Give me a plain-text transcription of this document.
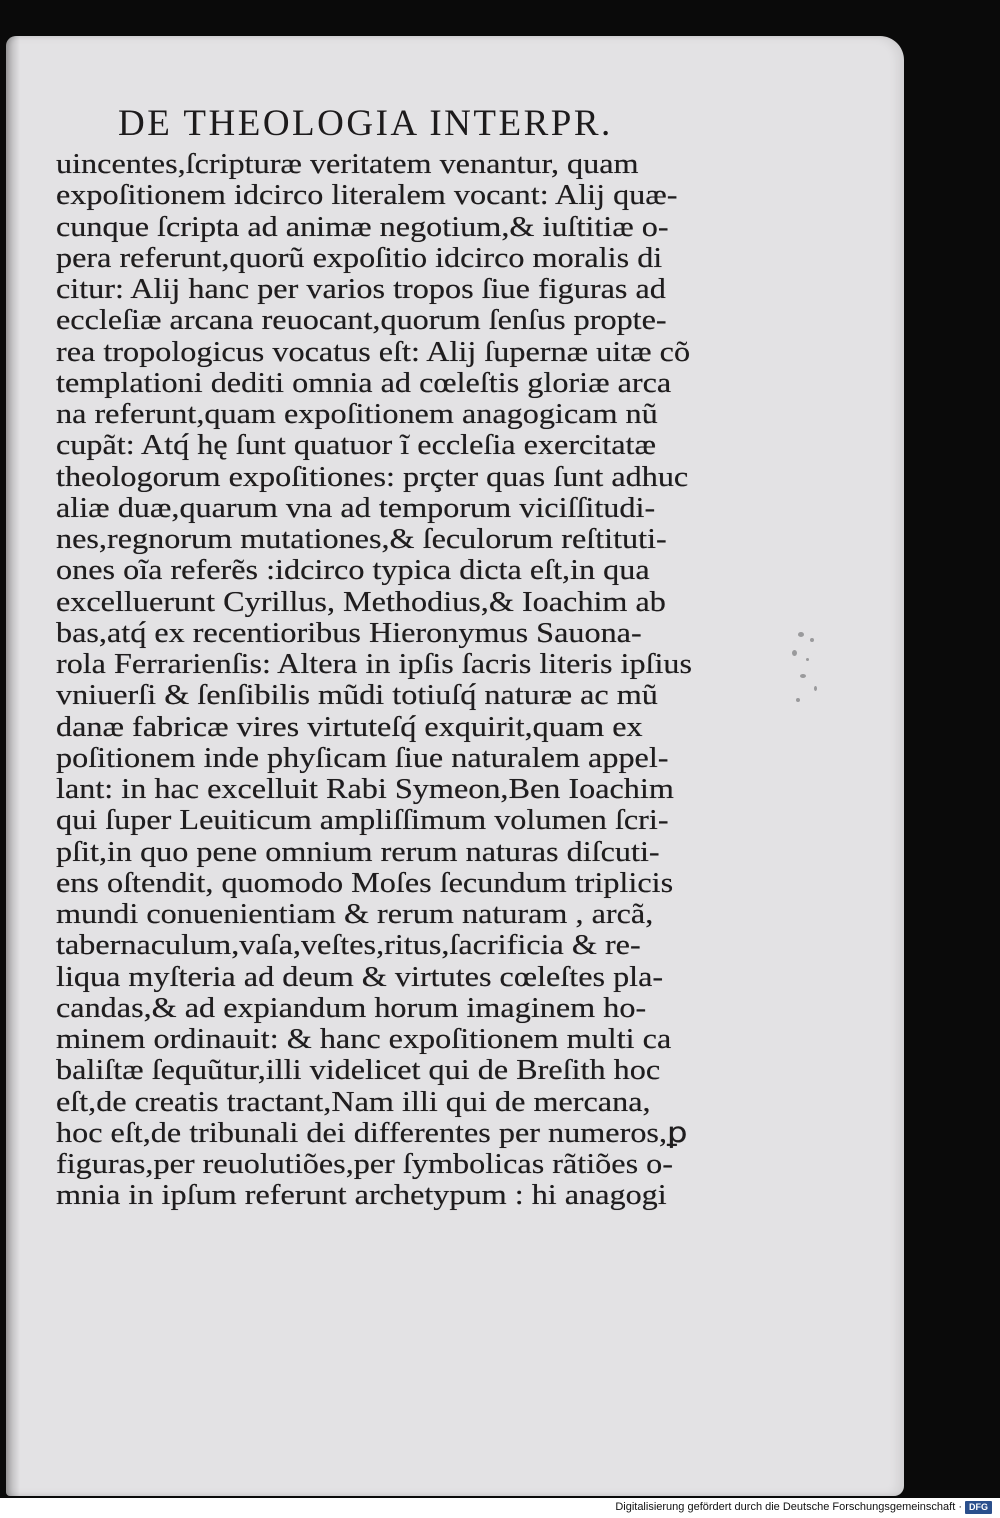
DE THEOLOGIA INTERPR.
uincentes,ſcripturæ veritatem venantur, quam
expoſitionem idcirco literalem vocant: Alij quæ-
cunque ſcripta ad animæ negotium,& iuſtitiæ o-
pera referunt,quorũ expoſitio idcirco moralis di
citur: Alij hanc per varios tropos ſiue figuras ad
eccleſiæ arcana reuocant,quorum ſenſus propte-
rea tropologicus vocatus eſt: Alij ſupernæ uitæ cõ
templationi dediti omnia ad cœleſtis gloriæ arca
na referunt,quam expoſitionem anagogicam nũ
cupãt: Atq́ hę ſunt quatuor ĩ eccleſia exercitatæ
theologorum expoſitiones: prçter quas ſunt adhuc
aliæ duæ,quarum vna ad temporum viciſſitudi-
nes,regnorum mutationes,& ſeculorum reſtituti-
ones oĩa referẽs :idcirco typica dicta eſt,in qua
excelluerunt Cyrillus, Methodius,& Ioachim ab
bas,atq́ ex recentioribus Hieronymus Sauona-
rola Ferrarienſis: Altera in ipſis ſacris literis ipſius
vniuerſi & ſenſibilis mũdi totiuſq́ naturæ ac mũ
danæ fabricæ vires virtuteſq́ exquirit,quam ex
poſitionem inde phyſicam ſiue naturalem appel-
lant: in hac excelluit Rabi Symeon,Ben Ioachim
qui ſuper Leuiticum ampliſſimum volumen ſcri-
pſit,in quo pene omnium rerum naturas diſcuti-
ens oſtendit, quomodo Moſes ſecundum triplicis
mundi conuenientiam & rerum naturam , arcã,
tabernaculum,vaſa,veſtes,ritus,ſacrificia & re-
liqua myſteria ad deum & virtutes cœleſtes pla-
candas,& ad expiandum horum imaginem ho-
minem ordinauit: & hanc expoſitionem multi ca
baliſtæ ſequũtur,illi videlicet qui de Breſith hoc
eſt,de creatis tractant,Nam illi qui de mercana,
hoc eſt,de tribunali dei differentes per numeros,ꝑ
figuras,per reuolutiões,per ſymbolicas rãtiões o-
mnia in ipſum referunt archetypum : hi anagogi
Digitalisierung gefördert durch die Deutsche Forschungsgemeinschaft · DFG
